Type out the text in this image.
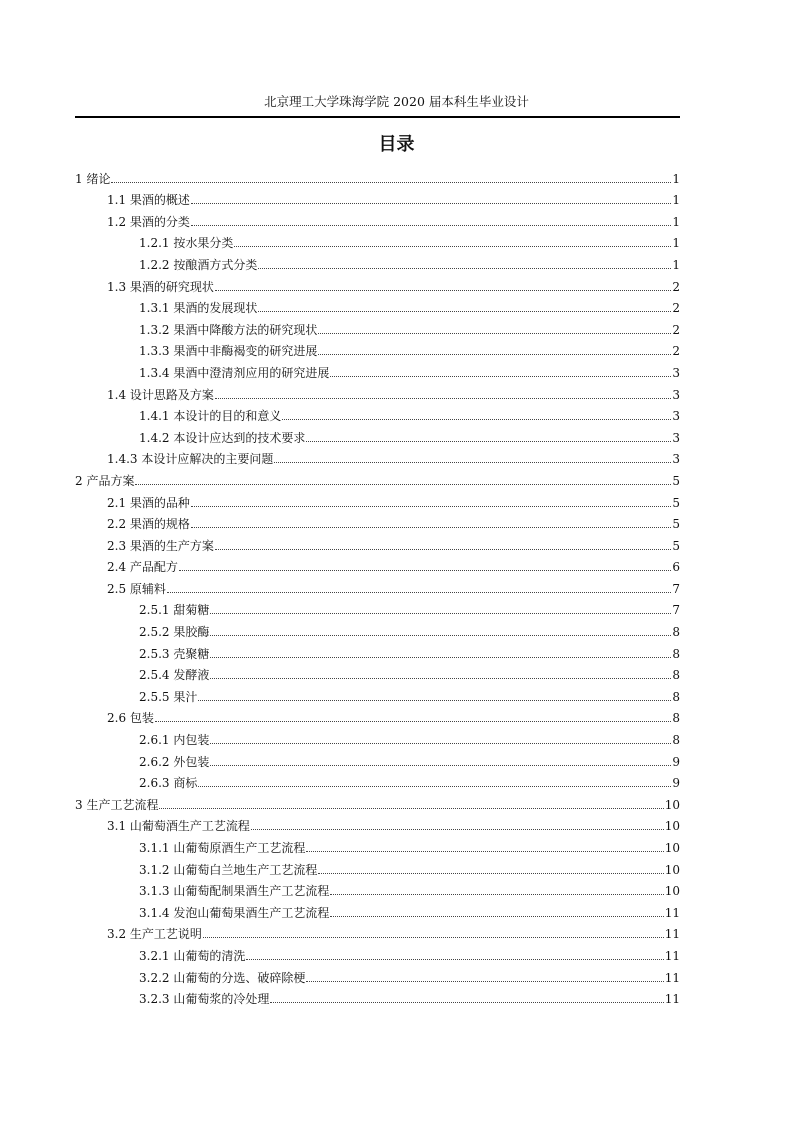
北京理工大学珠海学院 2020 届本科生毕业设计
目录
1 绪论	1
1.1 果酒的概述	1
1.2 果酒的分类	1
1.2.1 按水果分类	1
1.2.2 按酿酒方式分类	1
1.3 果酒的研究现状	2
1.3.1 果酒的发展现状	2
1.3.2 果酒中降酸方法的研究现状	2
1.3.3 果酒中非酶褐变的研究进展	2
1.3.4 果酒中澄清剂应用的研究进展	3
1.4 设计思路及方案	3
1.4.1 本设计的目的和意义	3
1.4.2 本设计应达到的技术要求	3
1.4.3 本设计应解决的主要问题	3
2 产品方案	5
2.1 果酒的品种	5
2.2 果酒的规格	5
2.3 果酒的生产方案	5
2.4 产品配方	6
2.5 原辅料	7
2.5.1 甜菊糖	7
2.5.2 果胶酶	8
2.5.3 壳聚糖	8
2.5.4 发酵液	8
2.5.5 果汁	8
2.6 包装	8
2.6.1 内包装	8
2.6.2 外包装	9
2.6.3 商标	9
3 生产工艺流程	10
3.1 山葡萄酒生产工艺流程	10
3.1.1 山葡萄原酒生产工艺流程	10
3.1.2 山葡萄白兰地生产工艺流程	10
3.1.3 山葡萄配制果酒生产工艺流程	10
3.1.4 发泡山葡萄果酒生产工艺流程	11
3.2 生产工艺说明	11
3.2.1 山葡萄的清洗	11
3.2.2 山葡萄的分选、破碎除梗	11
3.2.3 山葡萄浆的冷处理	11
